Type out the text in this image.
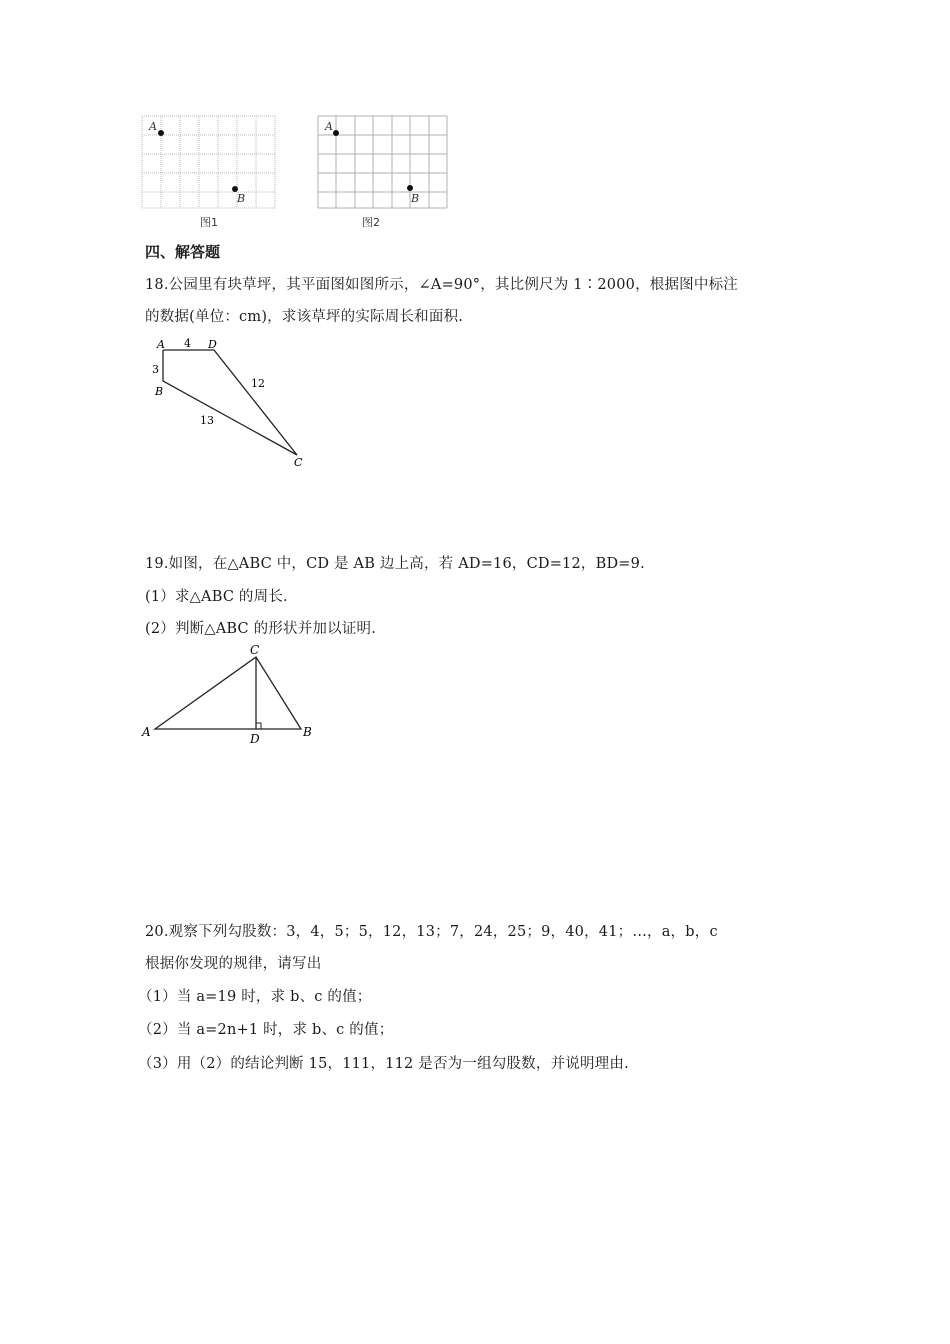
A
B
图1
A
B
图2
四、解答题
18.公园里有块草坪，其平面图如图所示，∠A=90°，其比例尺为 1∶2000，根据图中标注
的数据(单位：cm)，求该草坪的实际周长和面积.
A	D
B
C
4
3
12
13
19.如图，在△ABC 中，CD 是 AB 边上高，若 AD=16，CD=12，BD=9.
(1）求△ABC 的周长.
(2）判断△ABC 的形状并加以证明.
C
A	D	B
20.观察下列勾股数：3，4，5；5，12，13；7，24，25；9，40，41；…，a，b，c
根据你发现的规律，请写出
（1）当 a=19 时，求 b、c 的值；
（2）当 a=2n+1 时，求 b、c 的值；
（3）用（2）的结论判断 15，111，112 是否为一组勾股数，并说明理由.
